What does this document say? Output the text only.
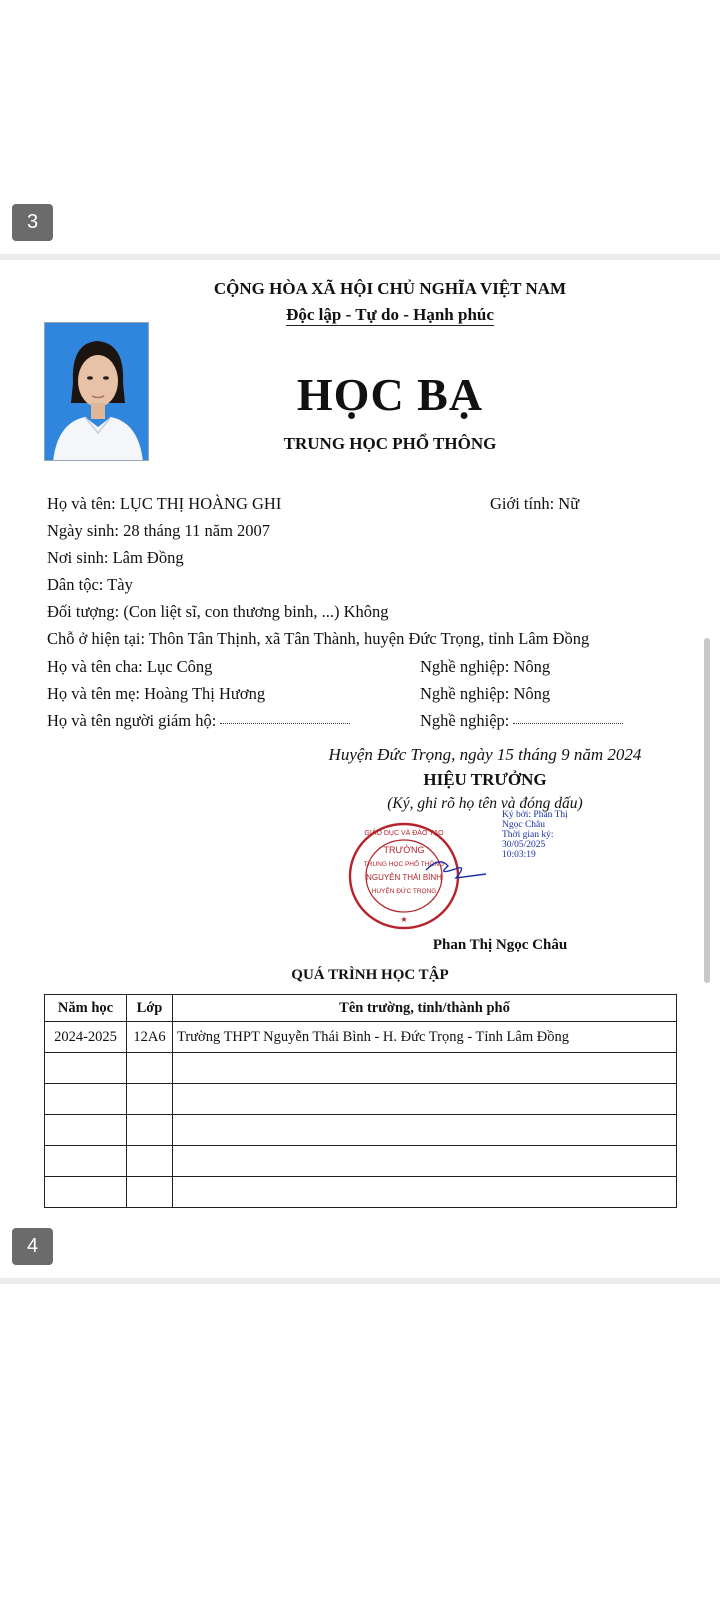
3
CỘNG HÒA XÃ HỘI CHỦ NGHĨA VIỆT NAM
Độc lập - Tự do - Hạnh phúc
HỌC BẠ
TRUNG HỌC PHỔ THÔNG
Họ và tên: LỤC THỊ HOÀNG GHI	Giới tính: Nữ
Ngày sinh: 28 tháng 11 năm 2007
Nơi sinh: Lâm Đồng
Dân tộc: Tày
Đối tượng: (Con liệt sĩ, con thương binh, ...) Không
Chỗ ở hiện tại: Thôn Tân Thịnh, xã Tân Thành, huyện Đức Trọng, tỉnh Lâm Đồng
Họ và tên cha: Lục Công	Nghề nghiệp: Nông
Họ và tên mẹ: Hoàng Thị Hương	Nghề nghiệp: Nông
Họ và tên người giám hộ:	Nghề nghiệp:
Huyện Đức Trọng, ngày 15 tháng 9 năm 2024
HIỆU TRƯỞNG
(Ký, ghi rõ họ tên và đóng dấu)
Ký bởi: Phan Thị Ngọc Châu
Thời gian ký:
30/05/2025
10:03:19
TRƯỜNG
TRUNG HỌC PHỔ THÔNG
NGUYỄN THÁI BÌNH
HUYỆN ĐỨC TRỌNG
GIÁO DỤC VÀ ĐÀO TẠO
★
Phan Thị Ngọc Châu
QUÁ TRÌNH HỌC TẬP
Năm học	Lớp	Tên trường, tỉnh/thành phố
2024-2025	12A6	Trường THPT Nguyễn Thái Bình - H. Đức Trọng - Tỉnh Lâm Đồng

4
